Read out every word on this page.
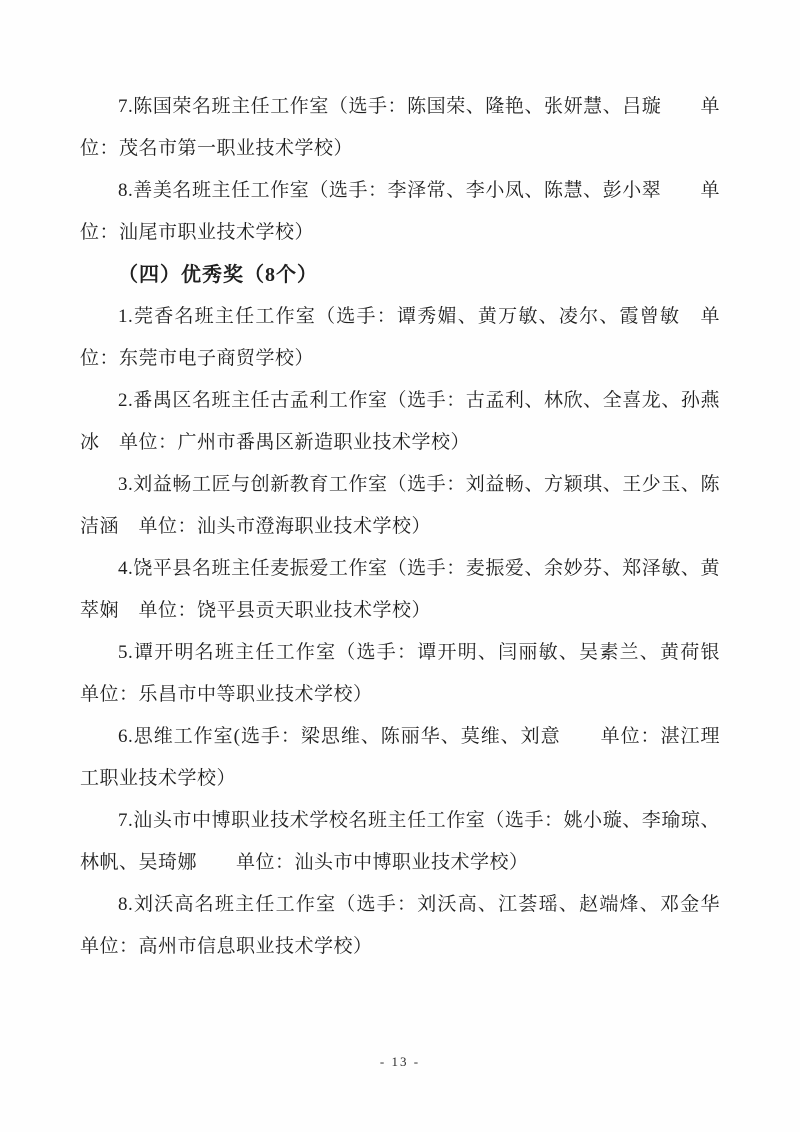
7.陈国荣名班主任工作室（选手：陈国荣、隆艳、张妍慧、吕璇　　单位：茂名市第一职业技术学校）

8.善美名班主任工作室（选手：李泽常、李小凤、陈慧、彭小翠　　单位：汕尾市职业技术学校）

（四）优秀奖（8个）

1.莞香名班主任工作室（选手：谭秀媚、黄万敏、凌尔、霞曾敏　单位：东莞市电子商贸学校）

2.番禺区名班主任古孟利工作室（选手：古孟利、林欣、全喜龙、孙燕冰　单位：广州市番禺区新造职业技术学校）

3.刘益畅工匠与创新教育工作室（选手：刘益畅、方颖琪、王少玉、陈洁涵　单位：汕头市澄海职业技术学校）

4.饶平县名班主任麦振爱工作室（选手：麦振爱、余妙芬、郑泽敏、黄萃娴　单位：饶平县贡天职业技术学校）

5.谭开明名班主任工作室（选手：谭开明、闫丽敏、吴素兰、黄荷银　单位：乐昌市中等职业技术学校）

6.思维工作室(选手：梁思维、陈丽华、莫维、刘意　　单位：湛江理工职业技术学校）

7.汕头市中博职业技术学校名班主任工作室（选手：姚小璇、李瑜琼、林帆、吴琦娜　　单位：汕头市中博职业技术学校）

8.刘沃高名班主任工作室（选手：刘沃高、江荟瑶、赵端烽、邓金华　　单位：高州市信息职业技术学校）

- 13 -
